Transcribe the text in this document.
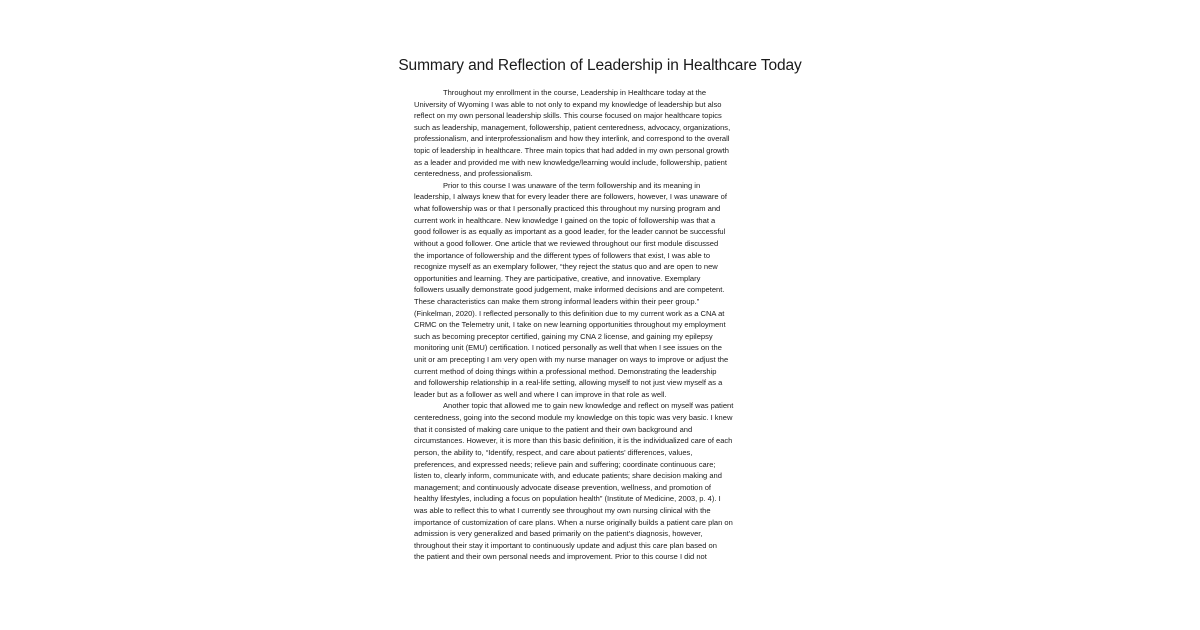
Summary and Reflection of Leadership in Healthcare Today
Throughout my enrollment in the course, Leadership in Healthcare today at the
University of Wyoming I was able to not only to expand my knowledge of leadership but also
reflect on my own personal leadership skills. This course focused on major healthcare topics
such as leadership, management, followership, patient centeredness, advocacy, organizations,
professionalism, and interprofessionalism and how they interlink, and correspond to the overall
topic of leadership in healthcare. Three main topics that had added in my own personal growth
as a leader and provided me with new knowledge/learning would include, followership, patient
centeredness, and professionalism.
Prior to this course I was unaware of the term followership and its meaning in
leadership, I always knew that for every leader there are followers, however, I was unaware of
what followership was or that I personally practiced this throughout my nursing program and
current work in healthcare. New knowledge I gained on the topic of followership was that a
good follower is as equally as important as a good leader, for the leader cannot be successful
without a good follower. One article that we reviewed throughout our first module discussed
the importance of followership and the different types of followers that exist, I was able to
recognize myself as an exemplary follower, “they reject the status quo and are open to new
opportunities and learning. They are participative, creative, and innovative. Exemplary
followers usually demonstrate good judgement, make informed decisions and are competent.
These characteristics can make them strong informal leaders within their peer group.”
(Finkelman, 2020). I reflected personally to this definition due to my current work as a CNA at
CRMC on the Telemetry unit, I take on new learning opportunities throughout my employment
such as becoming preceptor certified, gaining my CNA 2 license, and gaining my epilepsy
monitoring unit (EMU) certification. I noticed personally as well that when I see issues on the
unit or am precepting I am very open with my nurse manager on ways to improve or adjust the
current method of doing things within a professional method. Demonstrating the leadership
and followership relationship in a real-life setting, allowing myself to not just view myself as a
leader but as a follower as well and where I can improve in that role as well.
Another topic that allowed me to gain new knowledge and reflect on myself was patient
centeredness, going into the second module my knowledge on this topic was very basic. I knew
that it consisted of making care unique to the patient and their own background and
circumstances. However, it is more than this basic definition, it is the individualized care of each
person, the ability to, “Identify, respect, and care about patients’ differences, values,
preferences, and expressed needs; relieve pain and suffering; coordinate continuous care;
listen to, clearly inform, communicate with, and educate patients; share decision making and
management; and continuously advocate disease prevention, wellness, and promotion of
healthy lifestyles, including a focus on population health” (Institute of Medicine, 2003, p. 4). I
was able to reflect this to what I currently see throughout my own nursing clinical with the
importance of customization of care plans. When a nurse originally builds a patient care plan on
admission is very generalized and based primarily on the patient’s diagnosis, however,
throughout their stay it important to continuously update and adjust this care plan based on
the patient and their own personal needs and improvement. Prior to this course I did not
